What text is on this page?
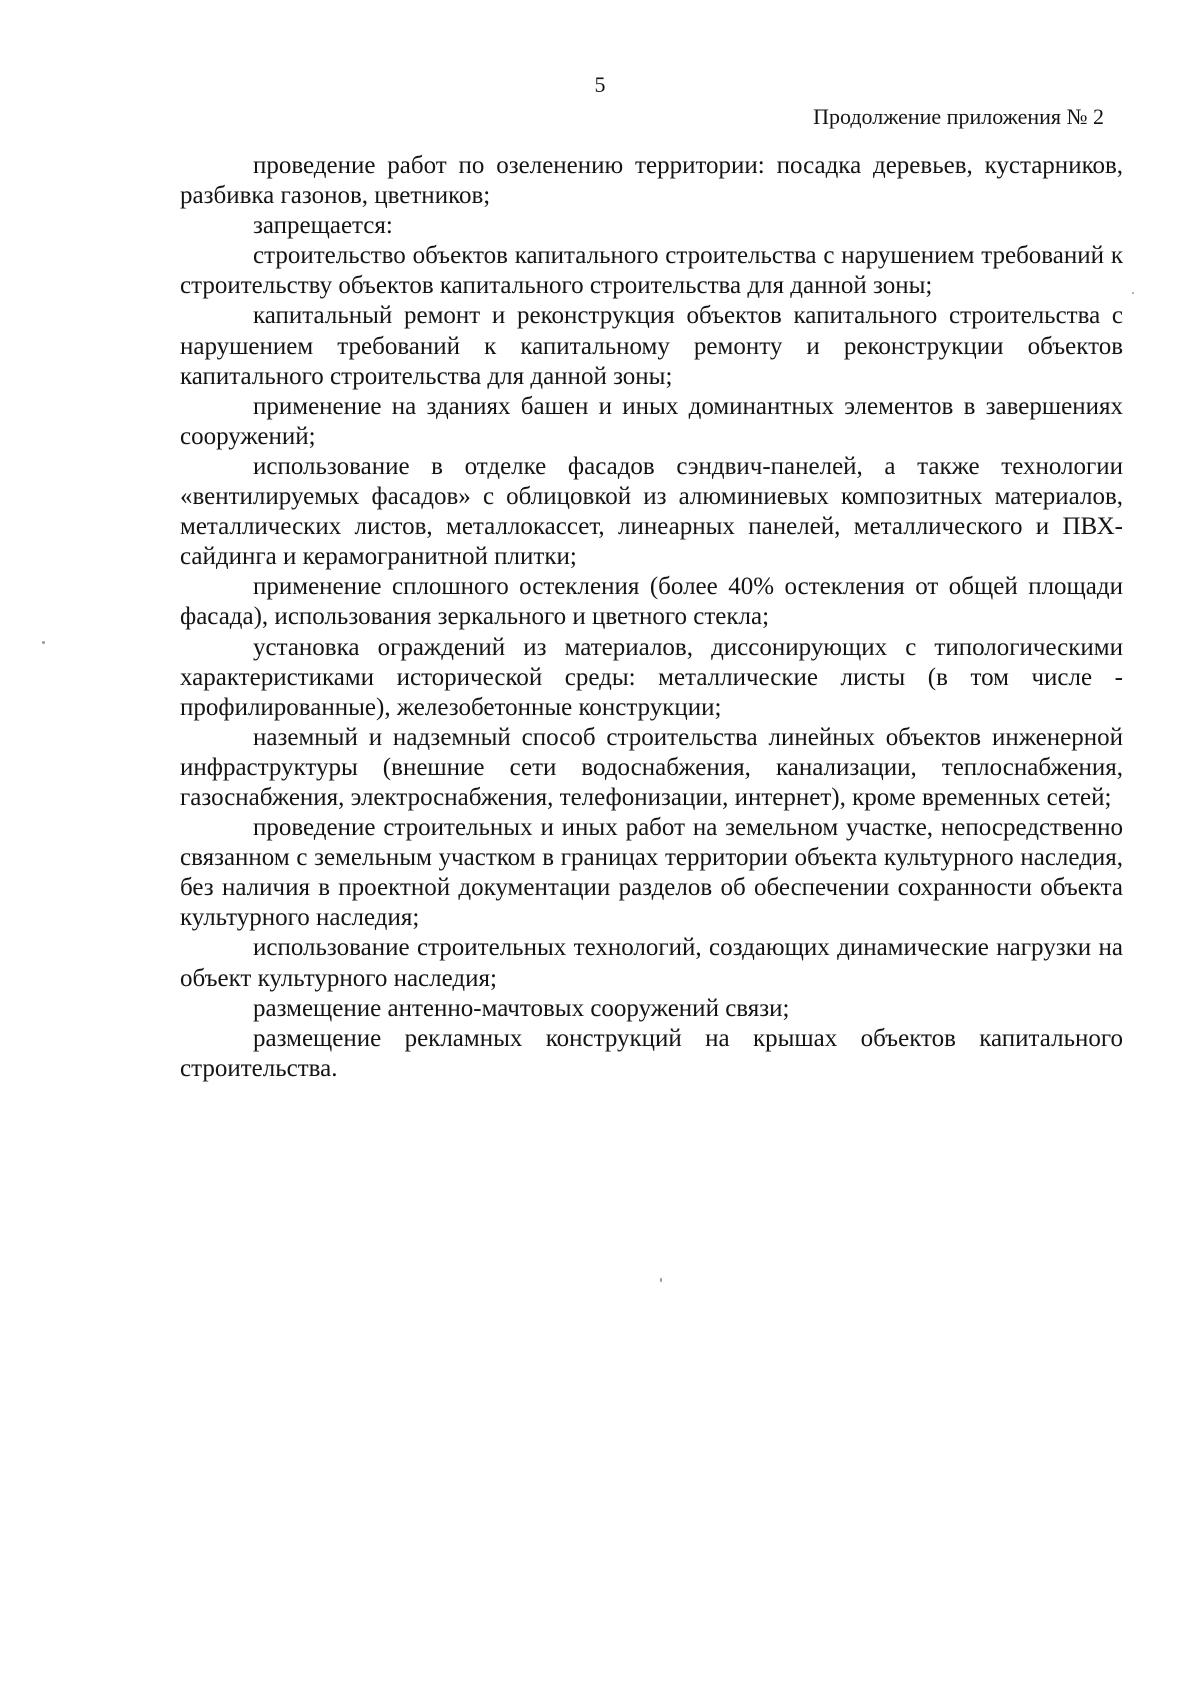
5
Продолжение приложения № 2

проведение работ по озеленению территории: посадка деревьев, кустарников, разбивка газонов, цветников;

запрещается:

строительство объектов капитального строительства с нарушением требований к строительству объектов капитального строительства для данной зоны;

капитальный ремонт и реконструкция объектов капитального строительства с нарушением требований к капитальному ремонту и реконструкции объектов капитального строительства для данной зоны;

применение на зданиях башен и иных доминантных элементов в завершениях сооружений;

использование в отделке фасадов сэндвич-панелей, а также технологии «вентилируемых фасадов» с облицовкой из алюминиевых композитных материалов, металлических листов, металлокассет, линеарных панелей, металлического и ПВХ-сайдинга и керамогранитной плитки;

применение сплошного остекления (более 40% остекления от общей площади фасада), использования зеркального и цветного стекла;

установка ограждений из материалов, диссонирующих с типологическими характеристиками исторической среды: металлические листы (в том числе - профилированные), железобетонные конструкции;

наземный и надземный способ строительства линейных объектов инженерной инфраструктуры (внешние сети водоснабжения, канализации, теплоснабжения, газоснабжения, электроснабжения, телефонизации, интернет), кроме временных сетей;

проведение строительных и иных работ на земельном участке, непосредственно связанном с земельным участком в границах территории объекта культурного наследия, без наличия в проектной документации разделов об обеспечении сохранности объекта культурного наследия;

использование строительных технологий, создающих динамические нагрузки на объект культурного наследия;

размещение антенно-мачтовых сооружений связи;

размещение рекламных конструкций на крышах объектов капитального строительства.
